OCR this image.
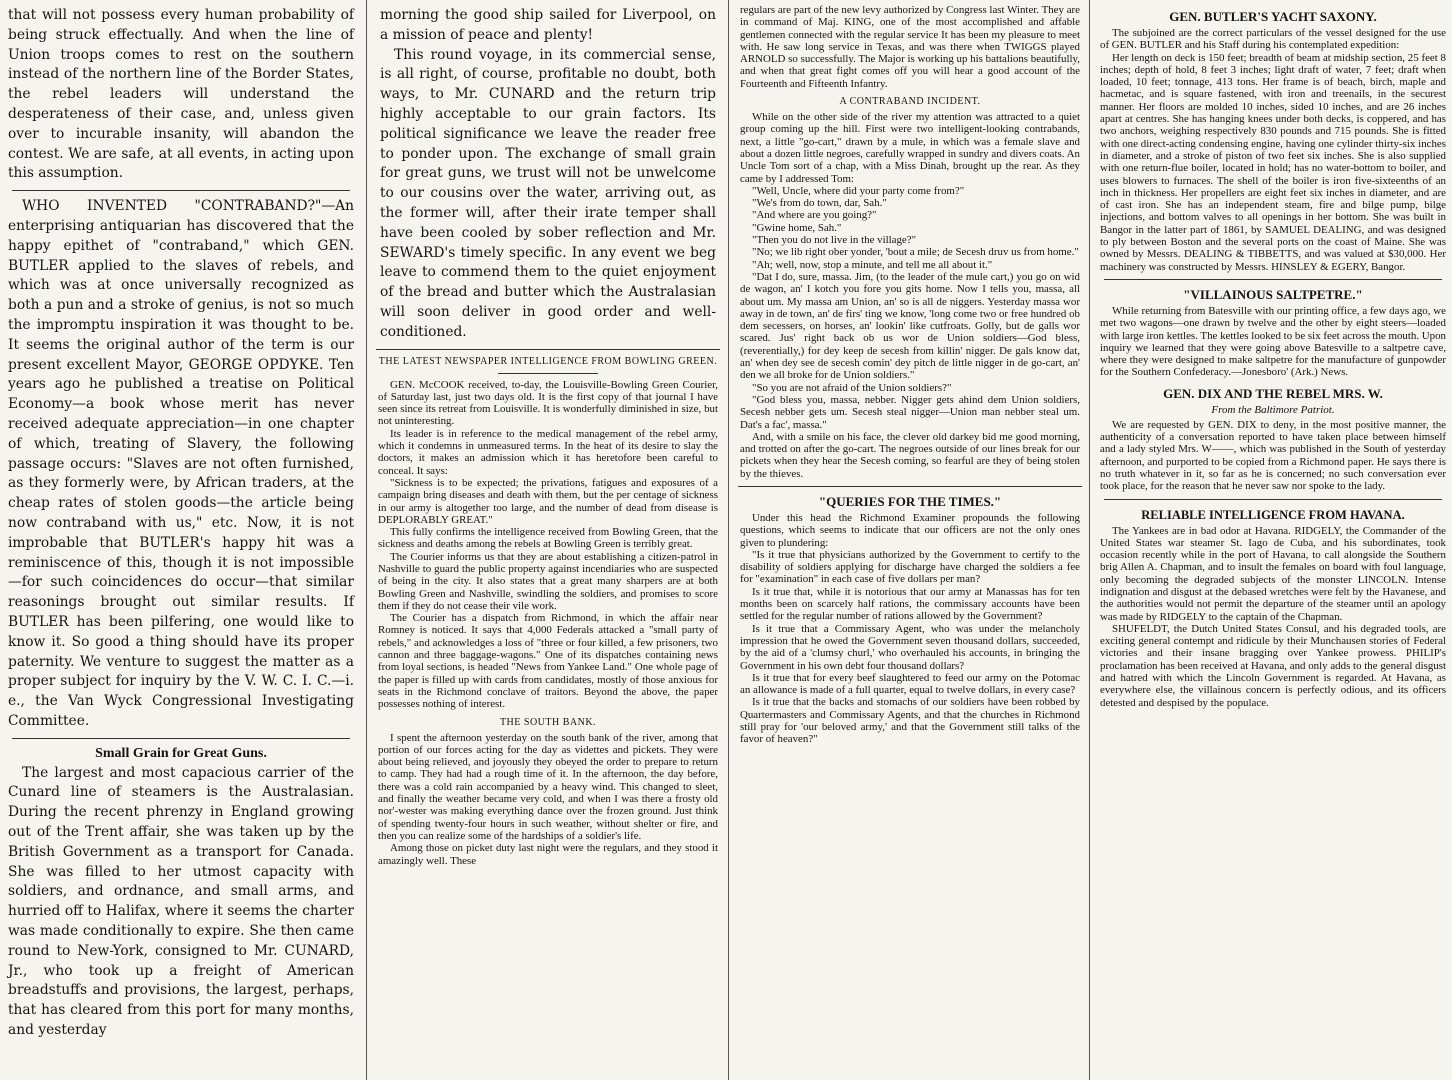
that will not possess every human probability of being struck effectually. And when the line of Union troops comes to rest on the southern instead of the northern line of the Border States, the rebel leaders will understand the desperateness of their case, and, unless given over to incurable insanity, will abandon the contest. We are safe, at all events, in acting upon this assumption.

WHO INVENTED "CONTRABAND?"—An enterprising antiquarian has discovered that the happy epithet of "contraband," which GEN. BUTLER applied to the slaves of rebels, and which was at once universally recognized as both a pun and a stroke of genius, is not so much the impromptu inspiration it was thought to be. It seems the original author of the term is our present excellent Mayor, GEORGE OPDYKE. Ten years ago he published a treatise on Political Economy—a book whose merit has never received adequate appreciation—in one chapter of which, treating of Slavery, the following passage occurs: "Slaves are not often furnished, as they formerly were, by African traders, at the cheap rates of stolen goods—the article being now contraband with us," etc. Now, it is not improbable that BUTLER's happy hit was a reminiscence of this, though it is not impossible—for such coincidences do occur—that similar reasonings brought out similar results. If BUTLER has been pilfering, one would like to know it. So good a thing should have its proper paternity. We venture to suggest the matter as a proper subject for inquiry by the V. W. C. I. C.—i. e., the Van Wyck Congressional Investigating Committee.

Small Grain for Great Guns.

The largest and most capacious carrier of the Cunard line of steamers is the Australasian. During the recent phrenzy in England growing out of the Trent affair, she was taken up by the British Government as a transport for Canada. She was filled to her utmost capacity with soldiers, and ordnance, and small arms, and hurried off to Halifax, where it seems the charter was made conditionally to expire. She then came round to New-York, consigned to Mr. CUNARD, Jr., who took up a freight of American breadstuffs and provisions, the largest, perhaps, that has cleared from this port for many months, and yesterday

morning the good ship sailed for Liverpool, on a mission of peace and plenty!

This round voyage, in its commercial sense, is all right, of course, profitable no doubt, both ways, to Mr. CUNARD and the return trip highly acceptable to our grain factors. Its political significance we leave the reader free to ponder upon. The exchange of small grain for great guns, we trust will not be unwelcome to our cousins over the water, arriving out, as the former will, after their irate temper shall have been cooled by sober reflection and Mr. SEWARD's timely specific. In any event we beg leave to commend them to the quiet enjoyment of the bread and butter which the Australasian will soon deliver in good order and well-conditioned.

THE LATEST NEWSPAPER INTELLIGENCE FROM BOWLING GREEN.

GEN. McCOOK received, to-day, the Louisville-Bowling Green Courier, of Saturday last, just two days old. It is the first copy of that journal I have seen since its retreat from Louisville. It is wonderfully diminished in size, but not uninteresting.

Its leader is in reference to the medical management of the rebel army, which it condemns in unmeasured terms. In the heat of its desire to slay the doctors, it makes an admission which it has heretofore been careful to conceal. It says:

"Sickness is to be expected; the privations, fatigues and exposures of a campaign bring diseases and death with them, but the per centage of sickness in our army is altogether too large, and the number of dead from disease is DEPLORABLY GREAT."

This fully confirms the intelligence received from Bowling Green, that the sickness and deaths among the rebels at Bowling Green is terribly great.

The Courier informs us that they are about establishing a citizen-patrol in Nashville to guard the public property against incendiaries who are suspected of being in the city. It also states that a great many sharpers are at both Bowling Green and Nashville, swindling the soldiers, and promises to score them if they do not cease their vile work.

The Courier has a dispatch from Richmond, in which the affair near Romney is noticed. It says that 4,000 Federals attacked a "small party of rebels," and acknowledges a loss of "three or four killed, a few prisoners, two cannon and three baggage-wagons." One of its dispatches containing news from loyal sections, is headed "News from Yankee Land." One whole page of the paper is filled up with cards from candidates, mostly of those anxious for seats in the Richmond conclave of traitors. Beyond the above, the paper possesses nothing of interest.

THE SOUTH BANK.

I spent the afternoon yesterday on the south bank of the river, among that portion of our forces acting for the day as videttes and pickets. They were about being relieved, and joyously they obeyed the order to prepare to return to camp. They had had a rough time of it. In the afternoon, the day before, there was a cold rain accompanied by a heavy wind. This changed to sleet, and finally the weather became very cold, and when I was there a frosty old nor'-wester was making everything dance over the frozen ground. Just think of spending twenty-four hours in such weather, without shelter or fire, and then you can realize some of the hardships of a soldier's life.

Among those on picket duty last night were the regulars, and they stood it amazingly well. These

regulars are part of the new levy authorized by Congress last Winter. They are in command of Maj. KING, one of the most accomplished and affable gentlemen connected with the regular service It has been my pleasure to meet with. He saw long service in Texas, and was there when TWIGGS played ARNOLD so successfully. The Major is working up his battalions beautifully, and when that great fight comes off you will hear a good account of the Fourteenth and Fifteenth Infantry.

A CONTRABAND INCIDENT.

While on the other side of the river my attention was attracted to a quiet group coming up the hill. First were two intelligent-looking contrabands, next, a little "go-cart," drawn by a mule, in which was a female slave and about a dozen little negroes, carefully wrapped in sundry and divers coats. An Uncle Tom sort of a chap, with a Miss Dinah, brought up the rear. As they came by I addressed Tom:

"Well, Uncle, where did your party come from?"

"We's from do town, dar, Sah."

"And where are you going?"

"Gwine home, Sah."

"Then you do not live in the village?"

"No; we lib right ober yonder, 'bout a mile; de Secesh druv us from home."

"Ah; well, now, stop a minute, and tell me all about it."

"Dat I do, sure, massa. Jim, (to the leader of the mule cart,) you go on wid de wagon, an' I kotch you fore you gits home. Now I tells you, massa, all about um. My massa am Union, an' so is all de niggers. Yesterday massa wor away in de town, an' de firs' ting we know, 'long come two or free hundred ob dem secessers, on horses, an' lookin' like cutfroats. Golly, but de galls wor scared. Jus' right back ob us wor de Union soldiers—God bless, (reverentially,) for dey keep de secesh from killin' nigger. De gals know dat, an' when dey see de secesh comin' dey pitch de little nigger in de go-cart, an' den we all broke for de Union soldiers."

"So you are not afraid of the Union soldiers?"

"God bless you, massa, nebber. Nigger gets ahind dem Union soldiers, Secesh nebber gets um. Secesh steal nigger—Union man nebber steal um. Dat's a fac', massa."

And, with a smile on his face, the clever old darkey bid me good morning, and trotted on after the go-cart. The negroes outside of our lines break for our pickets when they hear the Secesh coming, so fearful are they of being stolen by the thieves.

"QUERIES FOR THE TIMES."

Under this head the Richmond Examiner propounds the following questions, which seems to indicate that our officers are not the only ones given to plundering:

"Is it true that physicians authorized by the Government to certify to the disability of soldiers applying for discharge have charged the soldiers a fee for "examination" in each case of five dollars per man?

Is it true that, while it is notorious that our army at Manassas has for ten months been on scarcely half rations, the commissary accounts have been settled for the regular number of rations allowed by the Government?

Is it true that a Commissary Agent, who was under the melancholy impression that he owed the Government seven thousand dollars, succeeded, by the aid of a 'clumsy churl,' who overhauled his accounts, in bringing the Government in his own debt four thousand dollars?

Is it true that for every beef slaughtered to feed our army on the Potomac an allowance is made of a full quarter, equal to twelve dollars, in every case?

Is it true that the backs and stomachs of our soldiers have been robbed by Quartermasters and Commissary Agents, and that the churches in Richmond still pray for 'our beloved army,' and that the Government still talks of the favor of heaven?"

GEN. BUTLER'S YACHT SAXONY.

The subjoined are the correct particulars of the vessel designed for the use of GEN. BUTLER and his Staff during his contemplated expedition:

Her length on deck is 150 feet; breadth of beam at midship section, 25 feet 8 inches; depth of hold, 8 feet 3 inches; light draft of water, 7 feet; draft when loaded, 10 feet; tonnage, 413 tons. Her frame is of beach, birch, maple and hacmetac, and is square fastened, with iron and treenails, in the securest manner. Her floors are molded 10 inches, sided 10 inches, and are 26 inches apart at centres. She has hanging knees under both decks, is coppered, and has two anchors, weighing respectively 830 pounds and 715 pounds. She is fitted with one direct-acting condensing engine, having one cylinder thirty-six inches in diameter, and a stroke of piston of two feet six inches. She is also supplied with one return-flue boiler, located in hold; has no water-bottom to boiler, and uses blowers to furnaces. The shell of the boiler is iron five-sixteenths of an inch in thickness. Her propellers are eight feet six inches in diameter, and are of cast iron. She has an independent steam, fire and bilge pump, bilge injections, and bottom valves to all openings in her bottom. She was built in Bangor in the latter part of 1861, by SAMUEL DEALING, and was designed to ply between Boston and the several ports on the coast of Maine. She was owned by Messrs. DEALING & TIBBETTS, and was valued at $30,000. Her machinery was constructed by Messrs. HINSLEY & EGERY, Bangor.

"VILLAINOUS SALTPETRE."

While returning from Batesville with our printing office, a few days ago, we met two wagons—one drawn by twelve and the other by eight steers—loaded with large iron kettles. The kettles looked to be six feet across the mouth. Upon inquiry we learned that they were going above Batesville to a saltpetre cave, where they were designed to make saltpetre for the manufacture of gunpowder for the Southern Confederacy.—Jonesboro' (Ark.) News.

GEN. DIX AND THE REBEL MRS. W.
From the Baltimore Patriot.

We are requested by GEN. DIX to deny, in the most positive manner, the authenticity of a conversation reported to have taken place between himself and a lady styled Mrs. W——, which was published in the South of yesterday afternoon, and purported to be copied from a Richmond paper. He says there is no truth whatever in it, so far as he is concerned; no such conversation ever took place, for the reason that he never saw nor spoke to the lady.

RELIABLE INTELLIGENCE FROM HAVANA.

The Yankees are in bad odor at Havana. RIDGELY, the Commander of the United States war steamer St. Iago de Cuba, and his subordinates, took occasion recently while in the port of Havana, to call alongside the Southern brig Allen A. Chapman, and to insult the females on board with foul language, only becoming the degraded subjects of the monster LINCOLN. Intense indignation and disgust at the debased wretches were felt by the Havanese, and the authorities would not permit the departure of the steamer until an apology was made by RIDGELY to the captain of the Chapman.

SHUFELDT, the Dutch United States Consul, and his degraded tools, are exciting general contempt and ridicule by their Munchausen stories of Federal victories and their insane bragging over Yankee prowess. PHILIP's proclamation has been received at Havana, and only adds to the general disgust and hatred with which the Lincoln Government is regarded. At Havana, as everywhere else, the villainous concern is perfectly odious, and its officers detested and despised by the populace.
